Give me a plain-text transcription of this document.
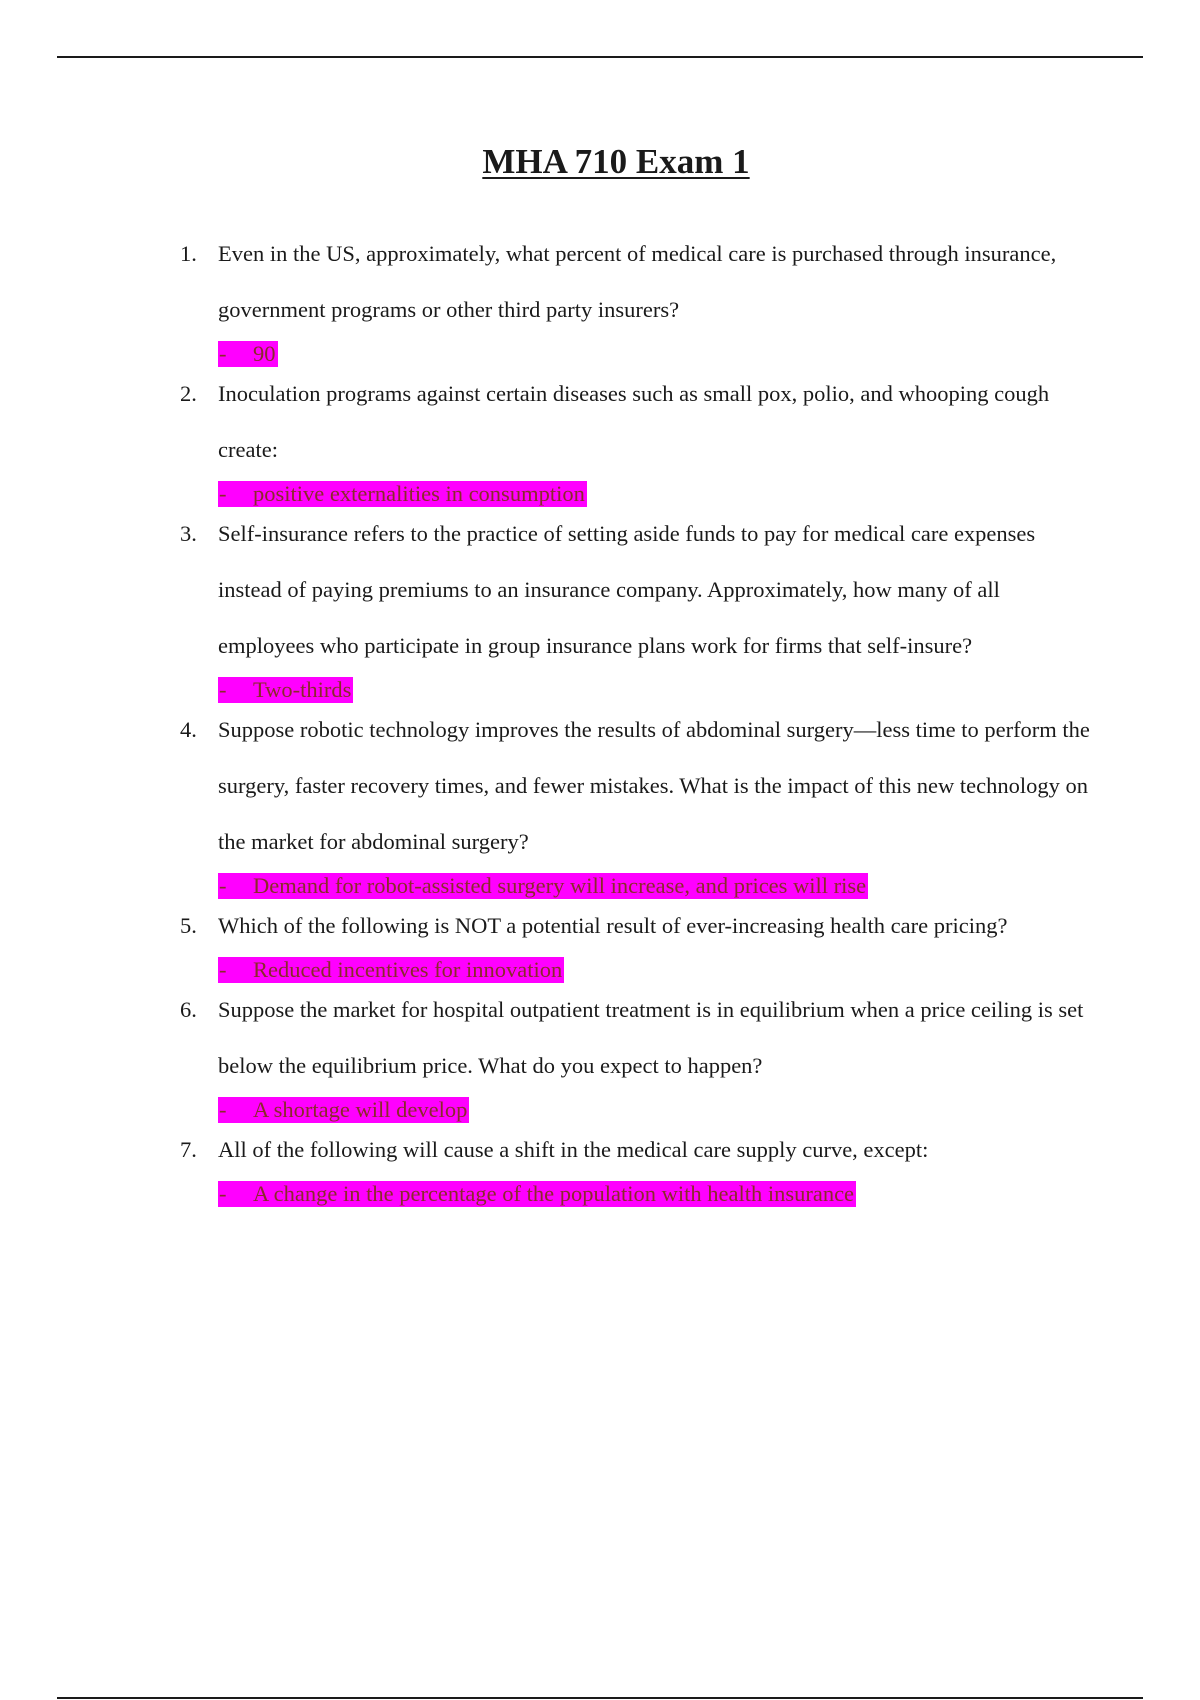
MHA 710 Exam 1
1. Even in the US, approximately, what percent of medical care is purchased through insurance, government programs or other third party insurers?
- 90
2. Inoculation programs against certain diseases such as small pox, polio, and whooping cough create:
- positive externalities in consumption
3. Self-insurance refers to the practice of setting aside funds to pay for medical care expenses instead of paying premiums to an insurance company. Approximately, how many of all employees who participate in group insurance plans work for firms that self-insure?
- Two-thirds
4. Suppose robotic technology improves the results of abdominal surgery—less time to perform the surgery, faster recovery times, and fewer mistakes. What is the impact of this new technology on the market for abdominal surgery?
- Demand for robot-assisted surgery will increase, and prices will rise
5. Which of the following is NOT a potential result of ever-increasing health care pricing?
- Reduced incentives for innovation
6. Suppose the market for hospital outpatient treatment is in equilibrium when a price ceiling is set below the equilibrium price. What do you expect to happen?
- A shortage will develop
7. All of the following will cause a shift in the medical care supply curve, except:
- A change in the percentage of the population with health insurance
